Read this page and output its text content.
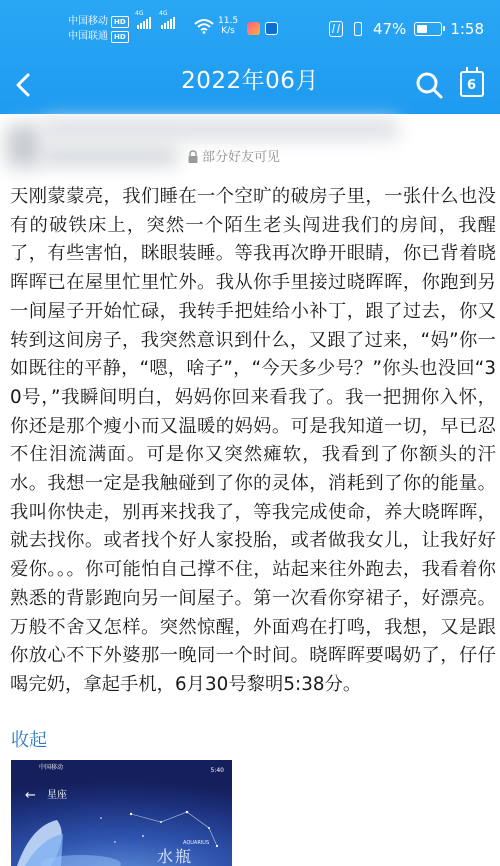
中国移动 HD
中国联通 HD
4G	4G
11.5
K/s	47%	1:58
2022年06月	6
部分好友可见
天刚蒙蒙亮，我们睡在一个空旷的破房子里，一张什么也没有的破铁床上，突然一个陌生老头闯进我们的房间，我醒了，有些害怕，眯眼装睡。等我再次睁开眼睛，你已背着晓晖晖已在屋里忙里忙外。我从你手里接过晓晖晖，你跑到另一间屋子开始忙碌，我转手把娃给小补丁，跟了过去，你又转到这间房子，我突然意识到什么，又跟了过来，“妈”你一如既往的平静，“嗯，啥子”，“今天多少号？”你头也没回“30号，”我瞬间明白，妈妈你回来看我了。我一把拥你入怀，你还是那个瘦小而又温暖的妈妈。可是我知道一切，早已忍不住泪流满面。可是你又突然瘫软，我看到了你额头的汗水。我想一定是我触碰到了你的灵体，消耗到了你的能量。我叫你快走，别再来找我了，等我完成使命，养大晓晖晖，就去找你。或者找个好人家投胎，或者做我女儿，让我好好爱你。。。你可能怕自己撑不住，站起来往外跑去，我看着你熟悉的背影跑向另一间屋子。第一次看你穿裙子，好漂亮。万般不舍又怎样。突然惊醒，外面鸡在打鸣，我想，又是跟你放心不下外婆那一晚同一个时间。晓晖晖要喝奶了，仔仔喝完奶，拿起手机，6月30号黎明5:38分。
收起
中国移动	5:40
← 星座
AQUARIUS
水瓶
